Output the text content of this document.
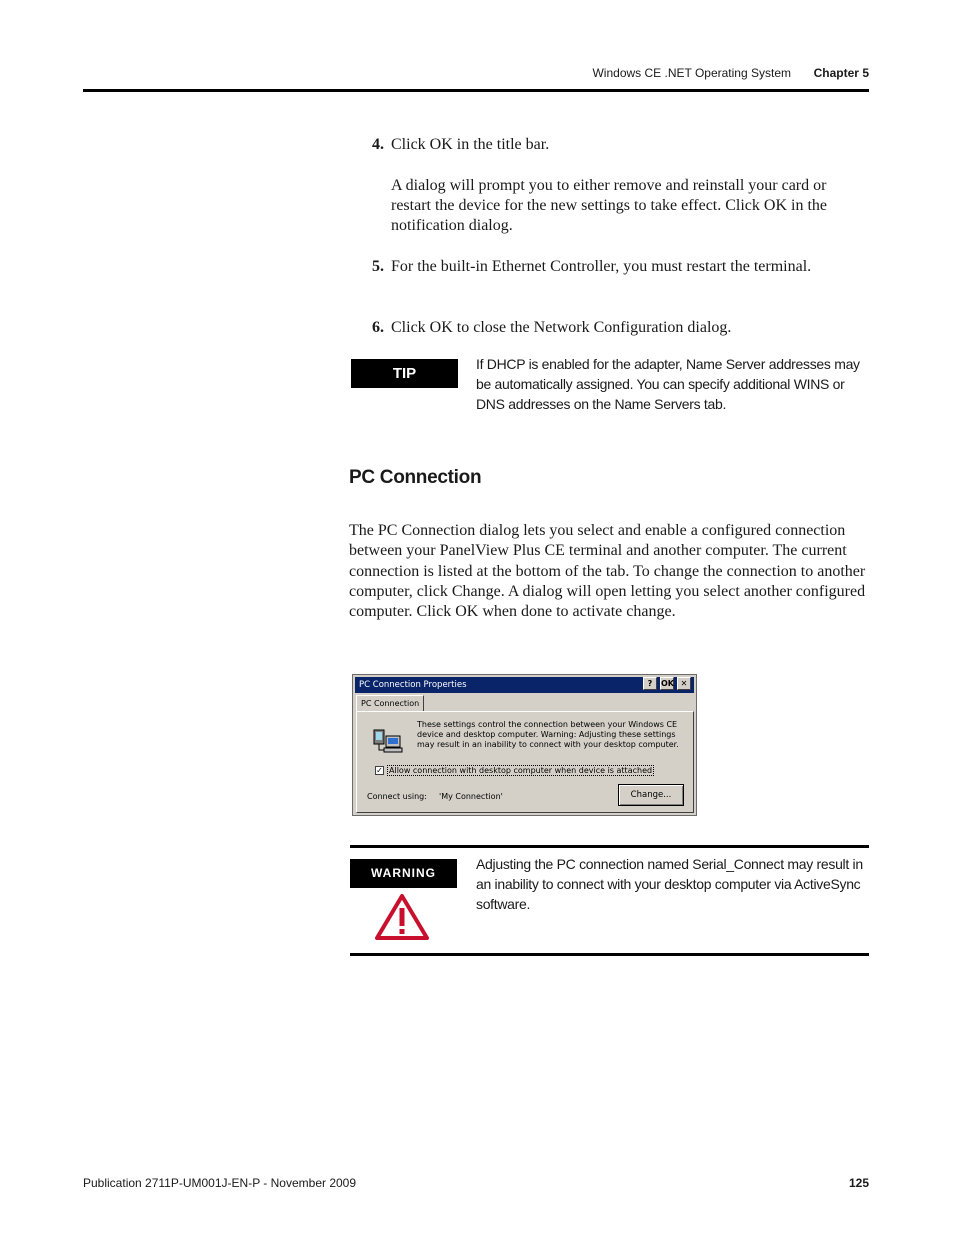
Windows CE .NET Operating System	Chapter 5
4. Click OK in the title bar.
A dialog will prompt you to either remove and reinstall your card or restart the device for the new settings to take effect. Click OK in the notification dialog.
5. For the built-in Ethernet Controller, you must restart the terminal.
6. Click OK to close the Network Configuration dialog.
TIP
If DHCP is enabled for the adapter, Name Server addresses may be automatically assigned. You can specify additional WINS or DNS addresses on the Name Servers tab.
PC Connection
The PC Connection dialog lets you select and enable a configured connection between your PanelView Plus CE terminal and another computer. The current connection is listed at the bottom of the tab. To change the connection to another computer, click Change. A dialog will open letting you select another configured computer. Click OK when done to activate change.
PC Connection Properties	?	OK ✕
PC Connection
These settings control the connection between your Windows CE device and desktop computer. Warning: Adjusting these settings may result in an inability to connect with your desktop computer.
✓ Allow connection with desktop computer when device is attached
Connect using: 'My Connection'	Change...
WARNING
Adjusting the PC connection named Serial_Connect may result in an inability to connect with your desktop computer via ActiveSync software.
Publication 2711P-UM001J-EN-P - November 2009	125
